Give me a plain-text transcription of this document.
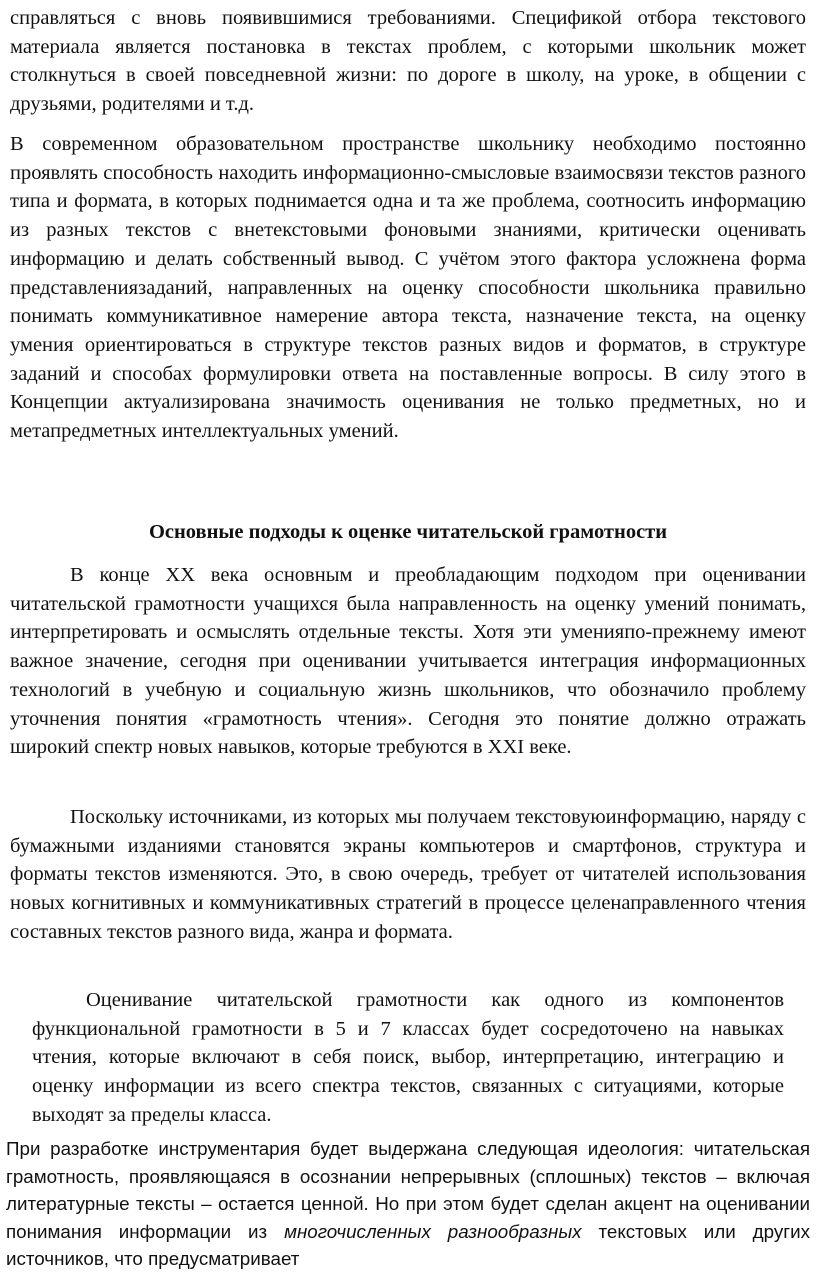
справляться с вновь появившимися требованиями. Спецификой отбора текстового материала является постановка в текстах проблем, с которыми школьник может столкнуться в своей повседневной жизни: по дороге в школу, на уроке, в общении с друзьями, родителями и т.д.

В современном образовательном пространстве школьнику необходимо постоянно проявлять способность находить информационно-смысловые взаимосвязи текстов разного типа и формата, в которых поднимается одна и та же проблема, соотносить информацию из разных текстов с внетекстовыми фоновыми знаниями, критически оценивать информацию и делать собственный вывод. С учётом этого фактора усложнена форма представлениязаданий, направленных на оценку способности школьника правильно понимать коммуникативное намерение автора текста, назначение текста, на оценку умения ориентироваться в структуре текстов разных видов и форматов, в структуре заданий и способах формулировки ответа на поставленные вопросы. В силу этого в Концепции актуализирована значимость оценивания не только предметных, но и метапредметных интеллектуальных умений.

Основные подходы к оценке читательской грамотности

В конце XX века основным и преобладающим подходом при оценивании читательской грамотности учащихся была направленность на оценку умений понимать, интерпретировать и осмыслять отдельные тексты. Хотя эти уменияпо-прежнему имеют важное значение, сегодня при оценивании учитывается интеграция информационных технологий в учебную и социальную жизнь школьников, что обозначило проблему уточнения понятия «грамотность чтения». Сегодня это понятие должно отражать широкий спектр новых навыков, которые требуются в XXI веке.

Поскольку источниками, из которых мы получаем текстовуюинформацию, наряду с бумажными изданиями становятся экраны компьютеров и смартфонов, структура и форматы текстов изменяются. Это, в свою очередь, требует от читателей использования новых когнитивных и коммуникативных стратегий в процессе целенаправленного чтения составных текстов разного вида, жанра и формата.

Оценивание читательской грамотности как одного из компонентов функциональной грамотности в 5 и 7 классах будет сосредоточено на навыках чтения, которые включают в себя поиск, выбор, интерпретацию, интеграцию и оценку информации из всего спектра текстов, связанных с ситуациями, которые выходят за пределы класса.

При разработке инструментария будет выдержана следующая идеология: читательская грамотность, проявляющаяся в осознании непрерывных (сплошных) текстов – включая литературные тексты – остается ценной. Но при этом будет сделан акцент на оценивании понимания информации из многочисленных разнообразных текстовых или других источников, что предусматривает
